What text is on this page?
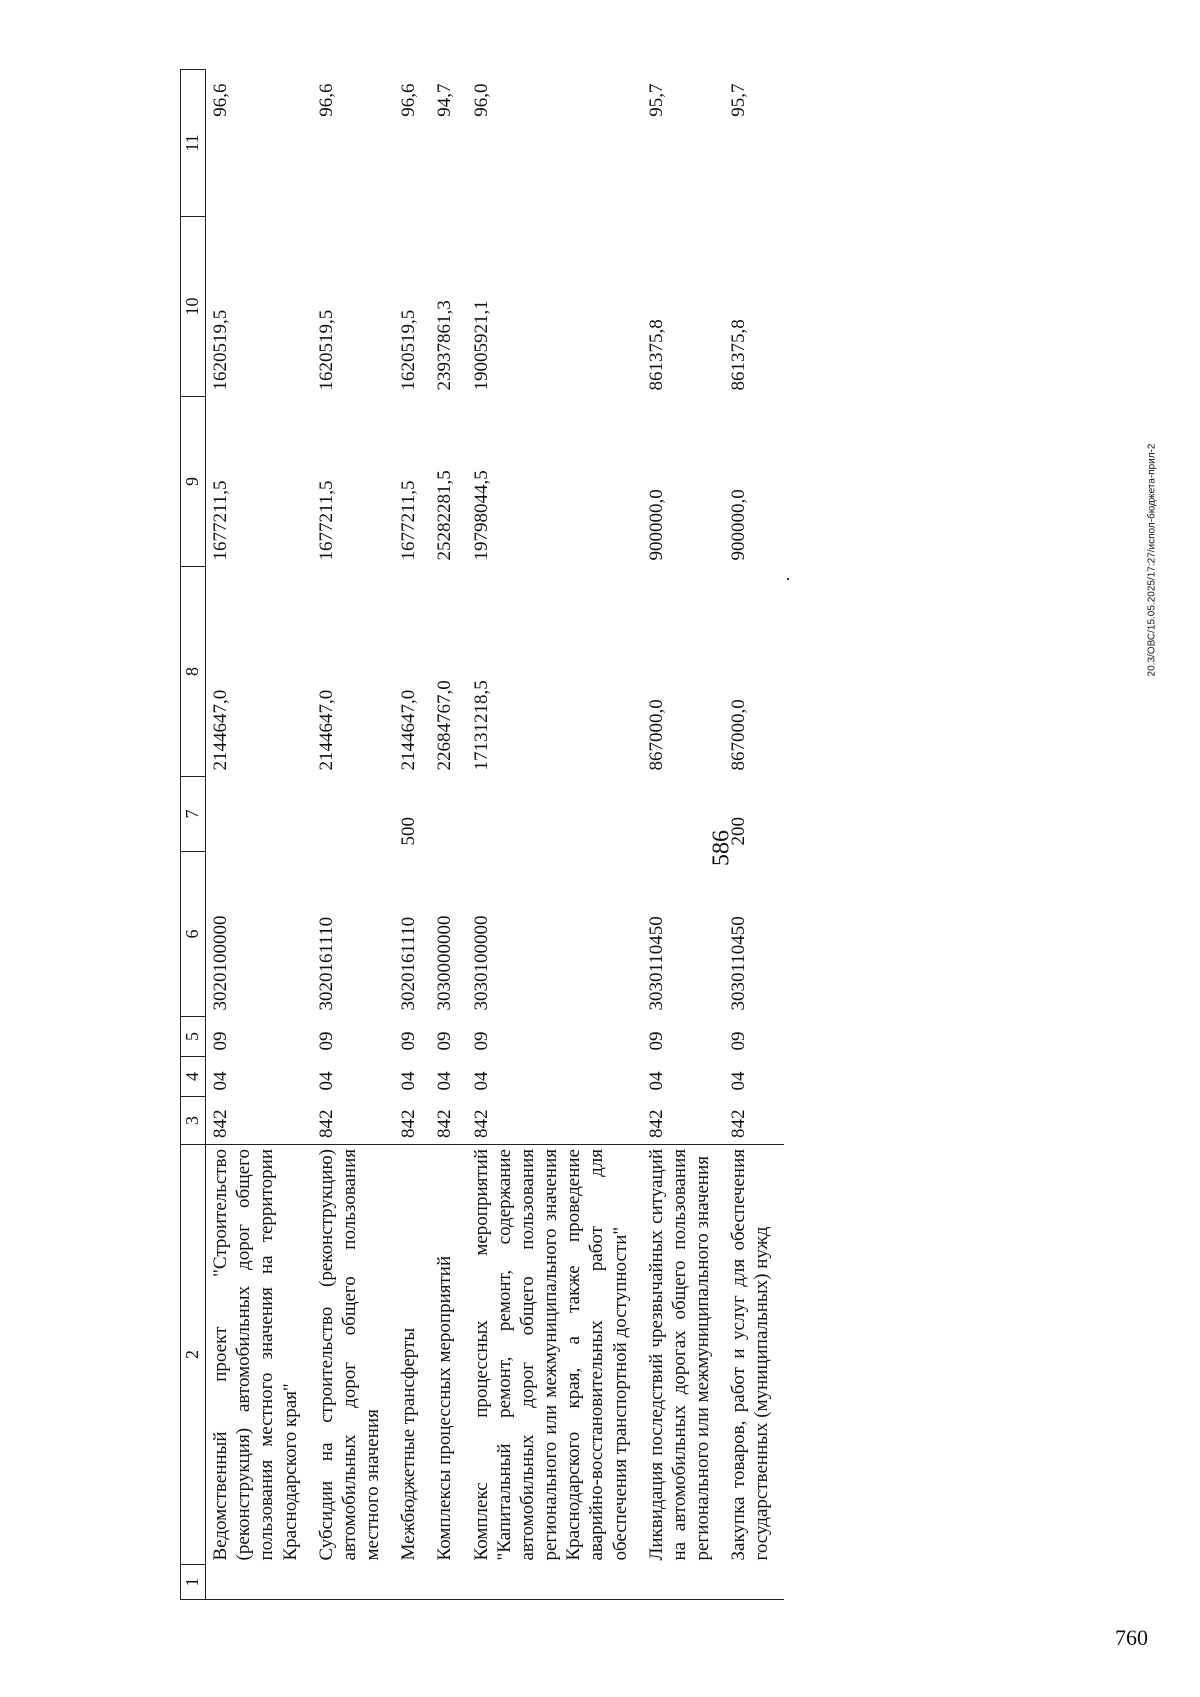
586
20.3/ОВС/15.05.2025/17:27/испол-бюджета-прил-2
1	2	3	4	5	6	7	8	9	10	11
	Ведомственный проект "Строительство (реконструкция) автомобильных дорог общего пользования местного значения на территории Краснодарского края"	842	04	09	3020100000		2144647,0	1677211,5	1620519,5	96,6
	Субсидии на строительство (реконструкцию) автомобильных дорог общего пользования местного значения	842	04	09	3020161110		2144647,0	1677211,5	1620519,5	96,6
	Межбюджетные трансферты	842	04	09	3020161110	500	2144647,0	1677211,5	1620519,5	96,6
	Комплексы процессных мероприятий	842	04	09	3030000000		22684767,0	25282281,5	23937861,3	94,7
	Комплекс процессных мероприятий "Капитальный ремонт, ремонт, содержание автомобильных дорог общего пользования регионального или межмуниципального значения Краснодарского края, а также проведение аварийно-восстановительных работ для обеспечения транспортной доступности"	842	04	09	3030100000		17131218,5	19798044,5	19005921,1	96,0
	Ликвидация последствий чрезвычайных ситуаций на автомобильных дорогах общего пользования регионального или межмуниципального значения	842	04	09	3030110450		867000,0	900000,0	861375,8	95,7
	Закупка товаров, работ и услуг для обеспечения государственных (муниципальных) нужд	842	04	09	3030110450	200	867000,0	900000,0	861375,8	95,7
760
